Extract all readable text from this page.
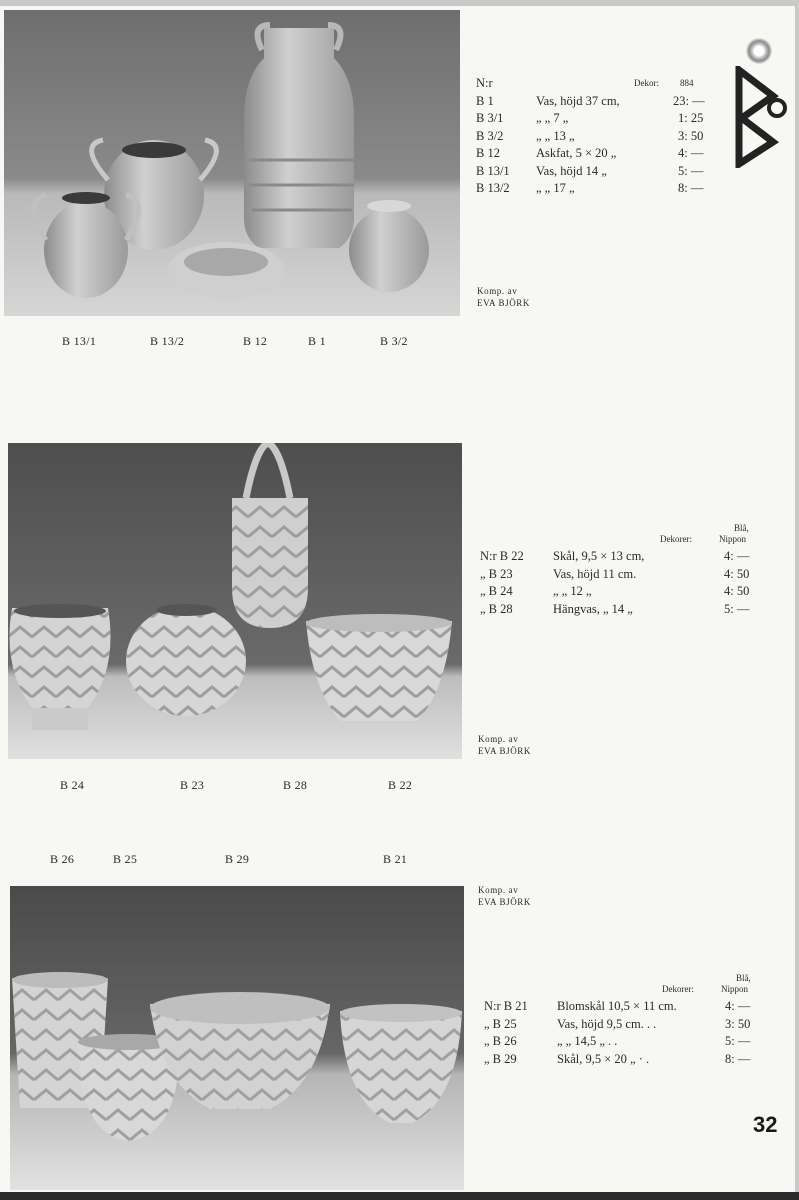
N:r	Dekor: 884
B 1	Vas, höjd 37 cm,	23: —
B 3/1	„ „ 7 „	1: 25
B 3/2	„ „ 13 „	3: 50
B 12	Askfat, 5 × 20 „	4: —
B 13/1 Vas, höjd 14 „	5: —
B 13/2 „ „ 17 „	8: —
Komp. av
EVA BJÖRK
B 13/1	B 13/2	B 12	B 1	B 3/2
Blå,
Dekorer:	Nippon
N:r B 22 Skål, 9,5 × 13 cm,	4: —
„ B 23	Vas, höjd 11 cm.	4: 50
„ B 24	„ „ 12 „	4: 50
„ B 28	Hängvas, „ 14 „	5: —
Komp. av
EVA BJÖRK
B 24	B 23	B 28	B 22
B 26	B 25	B 29	B 21
Komp. av
EVA BJÖRK
Blå,
Dekorer:	Nippon
N:r B 21 Blomskål 10,5 × 11 cm.	4: —
„ B 25	Vas, höjd 9,5 cm. . .	3: 50
„ B 26	„ „ 14,5 „ . .	5: —
„ B 29	Skål, 9,5 × 20 „ · .	8: —
32
